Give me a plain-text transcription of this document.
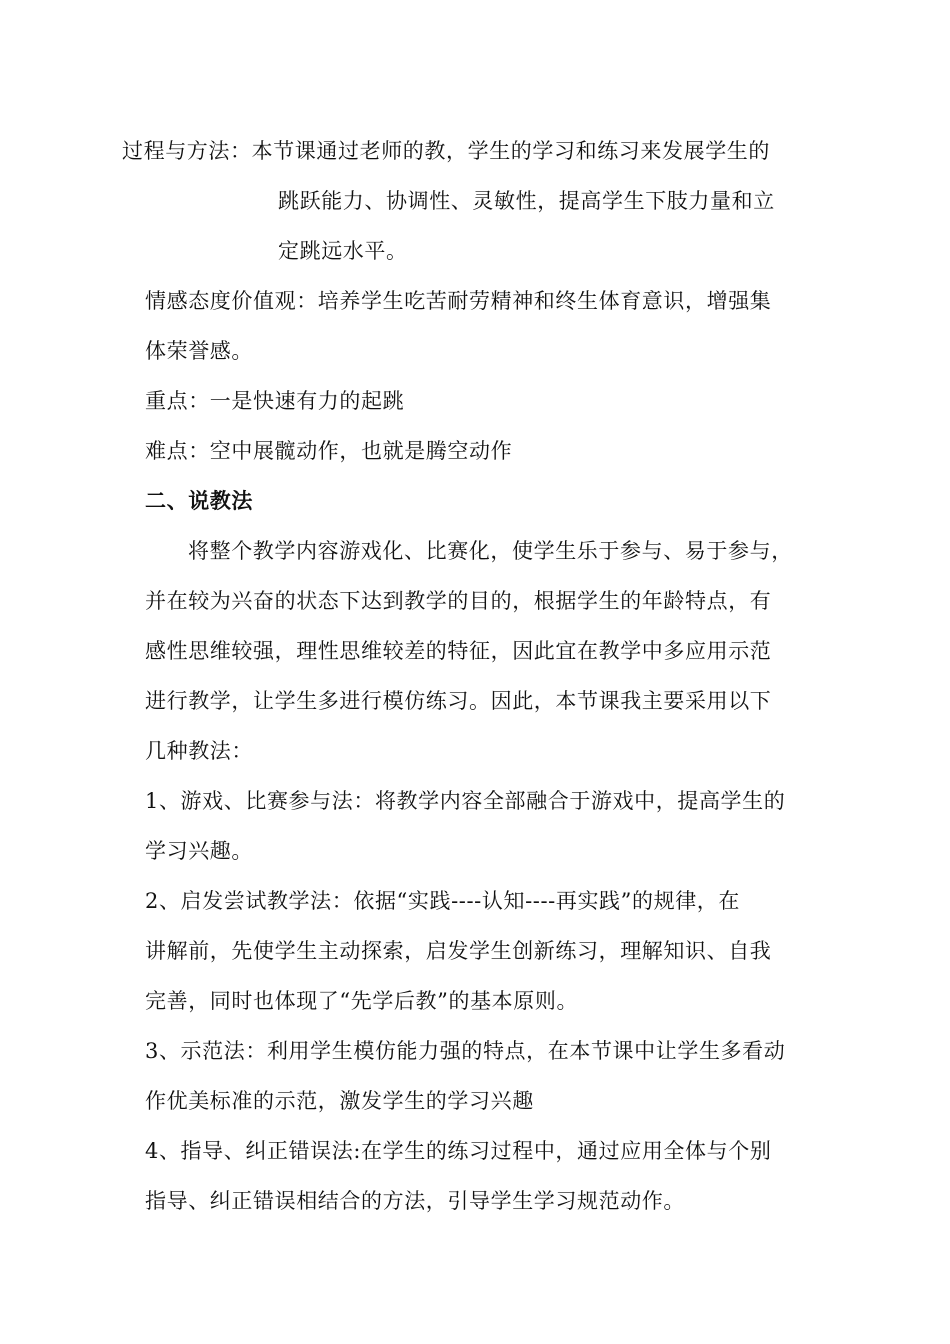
过程与方法：本节课通过老师的教，学生的学习和练习来发展学生的
跳跃能力、协调性、灵敏性，提高学生下肢力量和立
定跳远水平。
情感态度价值观：培养学生吃苦耐劳精神和终生体育意识，增强集
体荣誉感。
重点：一是快速有力的起跳
难点：空中展髋动作，也就是腾空动作
二、说教法
将整个教学内容游戏化、比赛化，使学生乐于参与、易于参与，
并在较为兴奋的状态下达到教学的目的，根据学生的年龄特点，有
感性思维较强，理性思维较差的特征，因此宜在教学中多应用示范
进行教学，让学生多进行模仿练习。因此，本节课我主要采用以下
几种教法：
1、游戏、比赛参与法：将教学内容全部融合于游戏中，提高学生的
学习兴趣。
2、启发尝试教学法：依据“实践----认知----再实践”的规律，在
讲解前，先使学生主动探索，启发学生创新练习，理解知识、自我
完善，同时也体现了“先学后教”的基本原则。
3、示范法：利用学生模仿能力强的特点，在本节课中让学生多看动
作优美标准的示范，激发学生的学习兴趣
4、指导、纠正错误法:在学生的练习过程中，通过应用全体与个别
指导、纠正错误相结合的方法，引导学生学习规范动作。
